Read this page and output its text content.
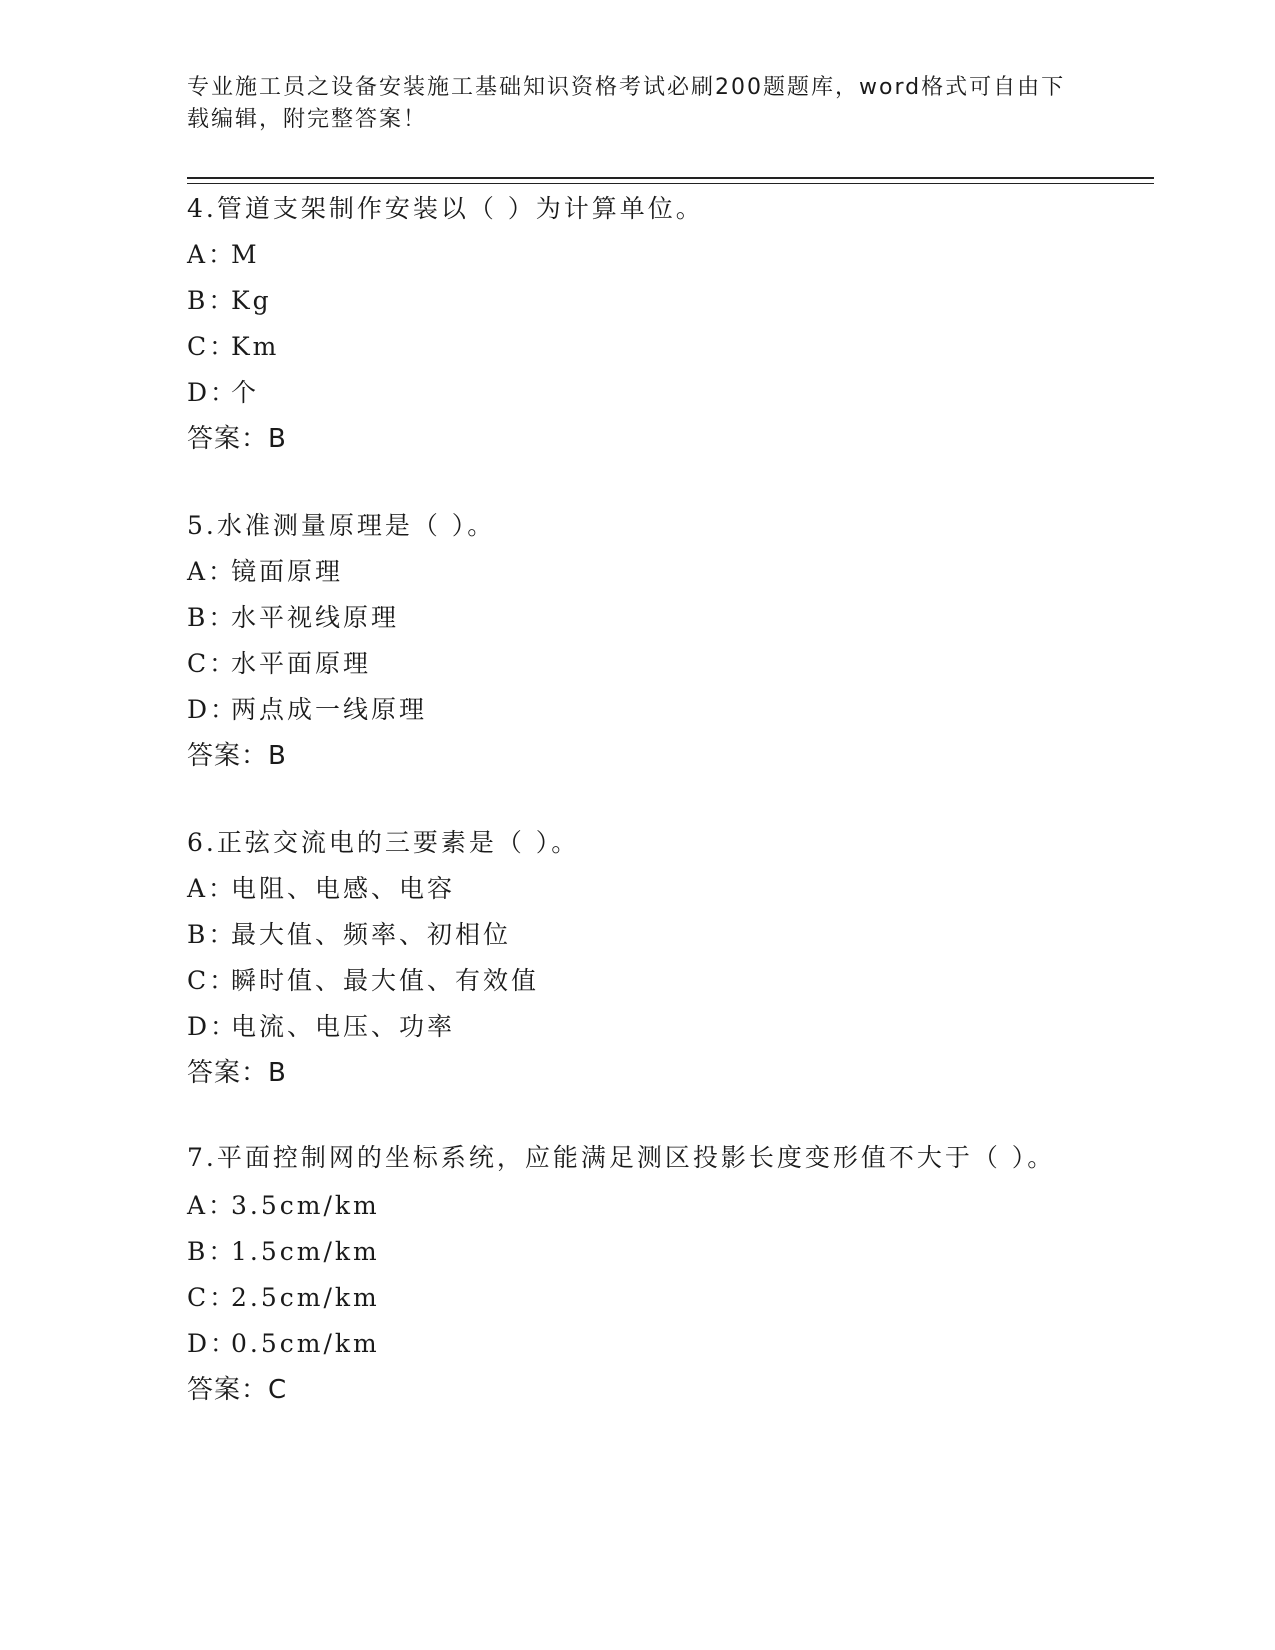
专业施工员之设备安装施工基础知识资格考试必刷200题题库，word格式可自由下载编辑，附完整答案！
4.管道支架制作安装以（ ）为计算单位。
A：M
B：Kg
C：Km
D：个
答案：B
5.水准测量原理是（ ）。
A：镜面原理
B：水平视线原理
C：水平面原理
D：两点成一线原理
答案：B
6.正弦交流电的三要素是（ ）。
A：电阻、电感、电容
B：最大值、频率、初相位
C：瞬时值、最大值、有效值
D：电流、电压、功率
答案：B
7.平面控制网的坐标系统，应能满足测区投影长度变形值不大于（ ）。
A：3.5cm/km
B：1.5cm/km
C：2.5cm/km
D：0.5cm/km
答案：C
